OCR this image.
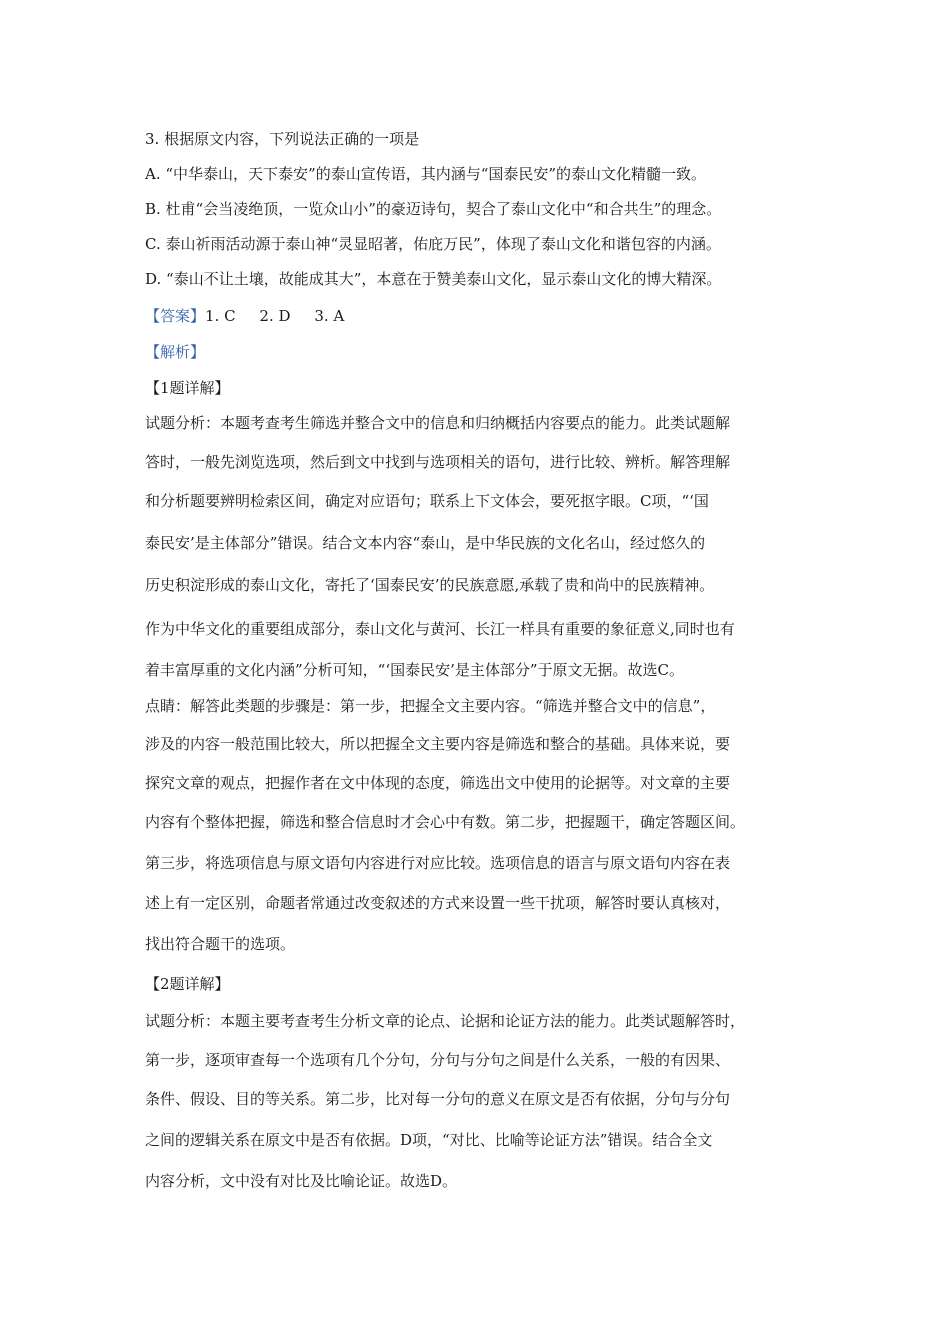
3. 根据原文内容，下列说法正确的一项是
A. “中华泰山，天下泰安”的泰山宣传语，其内涵与“国泰民安”的泰山文化精髓一致。
B. 杜甫“会当凌绝顶，一览众山小”的豪迈诗句，契合了泰山文化中“和合共生”的理念。
C. 泰山祈雨活动源于泰山神“灵显昭著，佑庇万民”，体现了泰山文化和谐包容的内涵。
D. “泰山不让土壤，故能成其大”，本意在于赞美泰山文化，显示泰山文化的博大精深。
【答案】1. C     2. D     3. A
【解析】
【1题详解】
试题分析：本题考查考生筛选并整合文中的信息和归纳概括内容要点的能力。此类试题解
答时，一般先浏览选项，然后到文中找到与选项相关的语句，进行比较、辨析。解答理解
和分析题要辨明检索区间，确定对应语句；联系上下文体会，要死抠字眼。C项，“‘国
泰民安’是主体部分”错误。结合文本内容“泰山，是中华民族的文化名山，经过悠久的
历史积淀形成的泰山文化，寄托了‘国泰民安’的民族意愿,承载了贵和尚中的民族精神。
作为中华文化的重要组成部分，泰山文化与黄河、长江一样具有重要的象征意义,同时也有
着丰富厚重的文化内涵”分析可知，“‘国泰民安’是主体部分”于原文无据。故选C。
点睛：解答此类题的步骤是：第一步，把握全文主要内容。“筛选并整合文中的信息”，
涉及的内容一般范围比较大，所以把握全文主要内容是筛选和整合的基础。具体来说，要
探究文章的观点，把握作者在文中体现的态度，筛选出文中使用的论据等。对文章的主要
内容有个整体把握，筛选和整合信息时才会心中有数。第二步，把握题干，确定答题区间。
第三步，将选项信息与原文语句内容进行对应比较。选项信息的语言与原文语句内容在表
述上有一定区别，命题者常通过改变叙述的方式来设置一些干扰项，解答时要认真核对，
找出符合题干的选项。
【2题详解】
试题分析：本题主要考查考生分析文章的论点、论据和论证方法的能力。此类试题解答时，
第一步，逐项审查每一个选项有几个分句，分句与分句之间是什么关系，一般的有因果、
条件、假设、目的等关系。第二步，比对每一分句的意义在原文是否有依据，分句与分句
之间的逻辑关系在原文中是否有依据。D项，“对比、比喻等论证方法”错误。结合全文
内容分析，文中没有对比及比喻论证。故选D。
